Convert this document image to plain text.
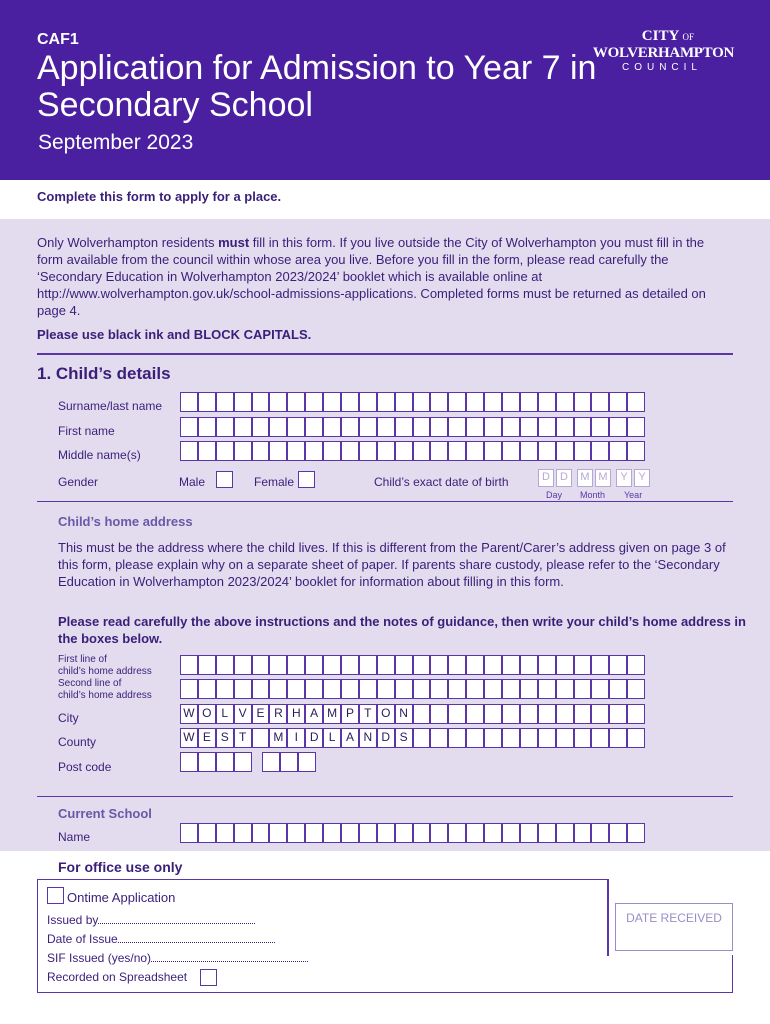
CAF1
Application for Admission to Year 7 in Secondary School
September 2023
CITY OF
WOLVERHAMPTON
COUNCIL
Complete this form to apply for a place.
Only Wolverhampton residents must fill in this form. If you live outside the City of Wolverhampton you must fill in the form available from the council within whose area you live. Before you fill in the form, please read carefully the ‘Secondary Education in Wolverhampton 2023/2024’ booklet which is available online at http://www.wolverhampton.gov.uk/school-admissions-applications. Completed forms must be returned as detailed on page 4.
Please use black ink and BLOCK CAPITALS.
1. Child’s details
Surname/last name
First name
Middle name(s)
Gender	Male	Female	Child’s exact date of birth	D D	M M	Y Y
Day Month Year
Child’s home address
This must be the address where the child lives. If this is different from the Parent/Carer’s address given on page 3 of this form, please explain why on a separate sheet of paper. If parents share custody, please refer to the ‘Secondary Education in Wolverhampton 2023/2024’ booklet for information about filling in this form.
Please read carefully the above instructions and the notes of guidance, then write your child’s home address in the boxes below.
First line of
child’s home address
Second line of
child’s home address
City	W O L V E R H A M P T O N
County	W E S T	M I D L A N D S
Post code
Current School
Name
For office use only
Ontime Application
Issued by
Date of Issue
SIF Issued (yes/no)
Recorded on Spreadsheet
DATE RECEIVED
